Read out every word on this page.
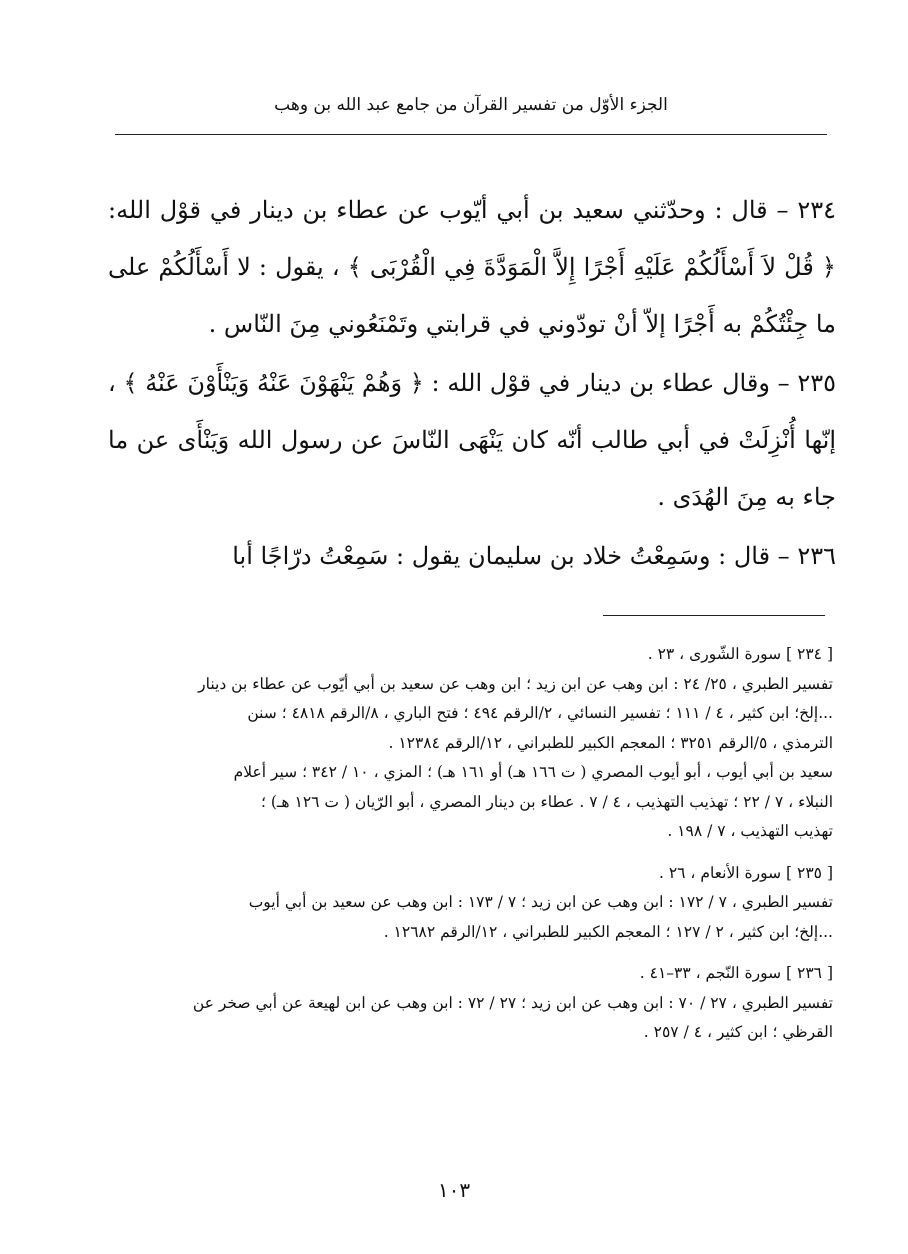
الجزء الأوّل من تفسير القرآن من جامع عبد الله بن وهب

٢٣٤ – قال : وحدّثني سعيد بن أبي أيّوب عن عطاء بن دينار في قوْل الله: ﴿ قُلْ لاَ أَسْأَلُكُمْ عَلَيْهِ أَجْرًا إِلاَّ الْمَوَدَّةَ فِي الْقُرْبَى ﴾ ، يقول : لا أَسْأَلُكُمْ على ما جِئْتُكُمْ به أَجْرًا إلاّ أنْ تودّوني في قرابتي وتَمْنَعُوني مِنَ النّاس .

٢٣٥ – وقال عطاء بن دينار في قوْل الله : ﴿ وَهُمْ يَنْهَوْنَ عَنْهُ وَيَنْأَوْنَ عَنْهُ ﴾ ، إنّها أُنْزِلَتْ في أبي طالب أنّه كان يَنْهَى النّاسَ عن رسول الله وَيَنْأَى عن ما جاء به مِنَ الهُدَى .

٢٣٦ – قال : وسَمِعْتُ خلاد بن سليمان يقول : سَمِعْتُ درّاجًا أبا

[ ٢٣٤ ] سورة الشّورى ، ٢٣ .

تفسير الطبري ، ٢٥/ ٢٤ : ابن وهب عن ابن زيد ؛ ابن وهب عن سعيد بن أبي أيّوب عن عطاء بن دينار

...إلخ؛ ابن كثير ، ٤ / ١١١ ؛ تفسير النسائي ، ٢/الرقم ٤٩٤ ؛ فتح الباري ، ٨/الرقم ٤٨١٨ ؛ سنن

الترمذي ، ٥/الرقم ٣٢٥١ ؛ المعجم الكبير للطبراني ، ١٢/الرقم ١٢٣٨٤ .

سعيد بن أبي أيوب ، أبو أيوب المصري ( ت ١٦٦ هـ) أو ١٦١ هـ) ؛ المزي ، ١٠ / ٣٤٢ ؛ سير أعلام

النبلاء ، ٧ / ٢٢ ؛ تهذيب التهذيب ، ٤ / ٧ . عطاء بن دينار المصري ، أبو الرّيان ( ت ١٢٦ هـ) ؛

تهذيب التهذيب ، ٧ / ١٩٨ .

[ ٢٣٥ ] سورة الأنعام ، ٢٦ .

تفسير الطبري ، ٧ / ١٧٢ : ابن وهب عن ابن زيد ؛ ٧ / ١٧٣ : ابن وهب عن سعيد بن أبي أيوب

...إلخ؛ ابن كثير ، ٢ / ١٢٧ ؛ المعجم الكبير للطبراني ، ١٢/الرقم ١٢٦٨٢ .

[ ٢٣٦ ] سورة النّجم ، ٣٣–٤١ .

تفسير الطبري ، ٢٧ / ٧٠ : ابن وهب عن ابن زيد ؛ ٢٧ / ٧٢ : ابن وهب عن ابن لهيعة عن أبي صخر عن

القرظي ؛ ابن كثير ، ٤ / ٢٥٧ .

١٠٣
